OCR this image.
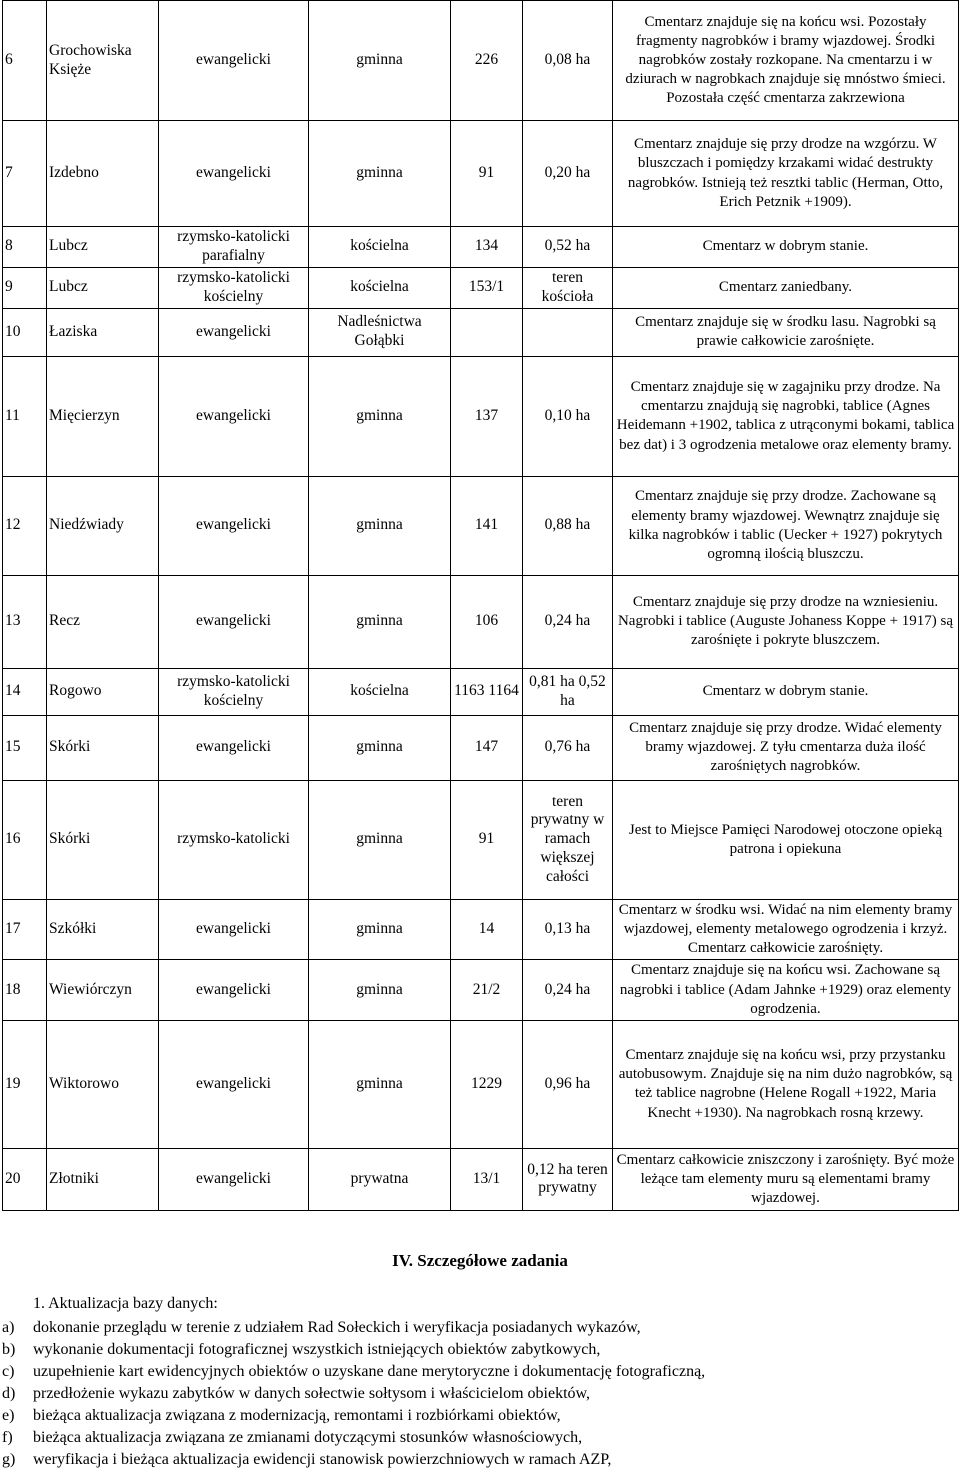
6	Grochowiska Księże	ewangelicki	gminna	226	0,08 ha	Cmentarz znajduje się na końcu wsi. Pozostały fragmenty nagrobków i bramy wjazdowej. Środki nagrobków zostały rozkopane. Na cmentarzu i w dziurach w nagrobkach znajduje się mnóstwo śmieci. Pozostała część cmentarza zakrzewiona
7	Izdebno	ewangelicki	gminna	91	0,20 ha	Cmentarz znajduje się przy drodze na wzgórzu. W bluszczach i pomiędzy krzakami widać destrukty nagrobków. Istnieją też resztki tablic (Herman, Otto, Erich Petznik +1909).
8	Lubcz	rzymsko-katolicki parafialny	kościelna	134	0,52 ha	Cmentarz w dobrym stanie.
9	Lubcz	rzymsko-katolicki kościelny	kościelna	153/1	teren kościoła	Cmentarz zaniedbany.
10	Łaziska	ewangelicki	Nadleśnictwa Gołąbki			Cmentarz znajduje się w środku lasu. Nagrobki są prawie całkowicie zarośnięte.
11	Mięcierzyn	ewangelicki	gminna	137	0,10 ha	Cmentarz znajduje się w zagajniku przy drodze. Na cmentarzu znajdują się nagrobki, tablice (Agnes Heidemann +1902, tablica z utrąconymi bokami, tablica bez dat) i 3 ogrodzenia metalowe oraz elementy bramy.
12	Niedźwiady	ewangelicki	gminna	141	0,88 ha	Cmentarz znajduje się przy drodze. Zachowane są elementy bramy wjazdowej. Wewnątrz znajduje się kilka nagrobków i tablic (Uecker + 1927) pokrytych ogromną ilością bluszczu.
13	Recz	ewangelicki	gminna	106	0,24 ha	Cmentarz znajduje się przy drodze na wzniesieniu. Nagrobki i tablice (Auguste Johaness Koppe + 1917) są zarośnięte i pokryte bluszczem.
14	Rogowo	rzymsko-katolicki kościelny	kościelna	1163 1164	0,81 ha 0,52 ha	Cmentarz w dobrym stanie.
15	Skórki	ewangelicki	gminna	147	0,76 ha	Cmentarz znajduje się przy drodze. Widać elementy bramy wjazdowej. Z tyłu cmentarza duża ilość zarośniętych nagrobków.
16	Skórki	rzymsko-katolicki	gminna	91	teren prywatny w ramach większej całości	Jest to Miejsce Pamięci Narodowej otoczone opieką patrona i opiekuna
17	Szkółki	ewangelicki	gminna	14	0,13 ha	Cmentarz w środku wsi. Widać na nim elementy bramy wjazdowej, elementy metalowego ogrodzenia i krzyż. Cmentarz całkowicie zarośnięty.
18	Wiewiórczyn	ewangelicki	gminna	21/2	0,24 ha	Cmentarz znajduje się na końcu wsi. Zachowane są nagrobki i tablice (Adam Jahnke +1929) oraz elementy ogrodzenia.
19	Wiktorowo	ewangelicki	gminna	1229	0,96 ha	Cmentarz znajduje się na końcu wsi, przy przystanku autobusowym. Znajduje się na nim dużo nagrobków, są też tablice nagrobne (Helene Rogall +1922, Maria Knecht +1930). Na nagrobkach rosną krzewy.
20	Złotniki	ewangelicki	prywatna	13/1	0,12 ha teren prywatny	Cmentarz całkowicie zniszczony i zarośnięty. Być może leżące tam elementy muru są elementami bramy wjazdowej.
IV. Szczegółowe zadania
1. Aktualizacja bazy danych:
a) dokonanie przeglądu w terenie z udziałem Rad Sołeckich i weryfikacja posiadanych wykazów,
b) wykonanie dokumentacji fotograficznej wszystkich istniejących obiektów zabytkowych,
c) uzupełnienie kart ewidencyjnych obiektów o uzyskane dane merytoryczne i dokumentację fotograficzną,
d) przedłożenie wykazu zabytków w danych sołectwie sołtysom i właścicielom obiektów,
e) bieżąca aktualizacja związana z modernizacją, remontami i rozbiórkami obiektów,
f) bieżąca aktualizacja związana ze zmianami dotyczącymi stosunków własnościowych,
g) weryfikacja i bieżąca aktualizacja ewidencji stanowisk powierzchniowych w ramach AZP,
